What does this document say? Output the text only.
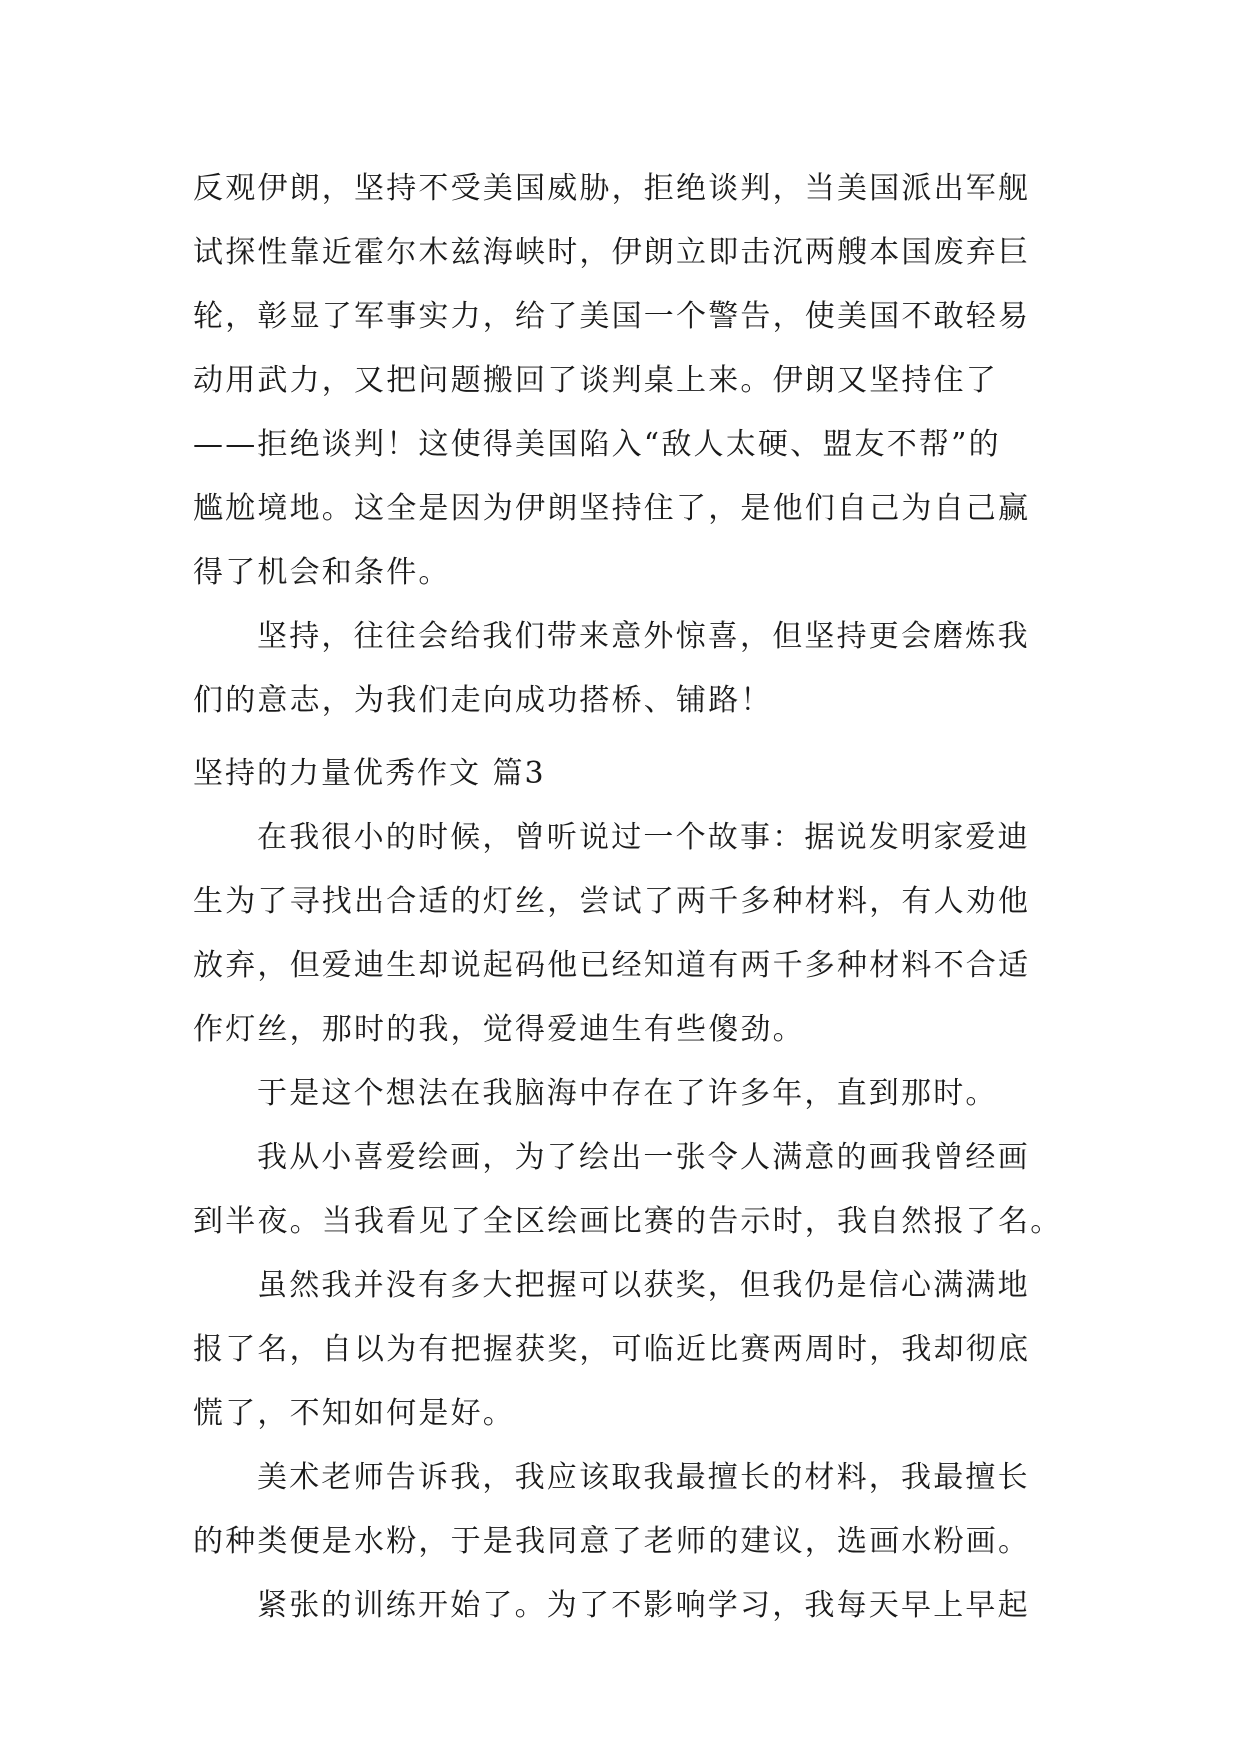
反观伊朗，坚持不受美国威胁，拒绝谈判，当美国派出军舰
试探性靠近霍尔木兹海峡时，伊朗立即击沉两艘本国废弃巨
轮，彰显了军事实力，给了美国一个警告，使美国不敢轻易
动用武力，又把问题搬回了谈判桌上来。伊朗又坚持住了
——拒绝谈判！这使得美国陷入“敌人太硬、盟友不帮”的
尴尬境地。这全是因为伊朗坚持住了，是他们自己为自己赢
得了机会和条件。
坚持，往往会给我们带来意外惊喜，但坚持更会磨炼我
们的意志，为我们走向成功搭桥、铺路！
坚持的力量优秀作文 篇3
在我很小的时候，曾听说过一个故事：据说发明家爱迪
生为了寻找出合适的灯丝，尝试了两千多种材料，有人劝他
放弃，但爱迪生却说起码他已经知道有两千多种材料不合适
作灯丝，那时的我，觉得爱迪生有些傻劲。
于是这个想法在我脑海中存在了许多年，直到那时。
我从小喜爱绘画，为了绘出一张令人满意的画我曾经画
到半夜。当我看见了全区绘画比赛的告示时，我自然报了名。
虽然我并没有多大把握可以获奖，但我仍是信心满满地
报了名，自以为有把握获奖，可临近比赛两周时，我却彻底
慌了，不知如何是好。
美术老师告诉我，我应该取我最擅长的材料，我最擅长
的种类便是水粉，于是我同意了老师的建议，选画水粉画。
紧张的训练开始了。为了不影响学习，我每天早上早起
